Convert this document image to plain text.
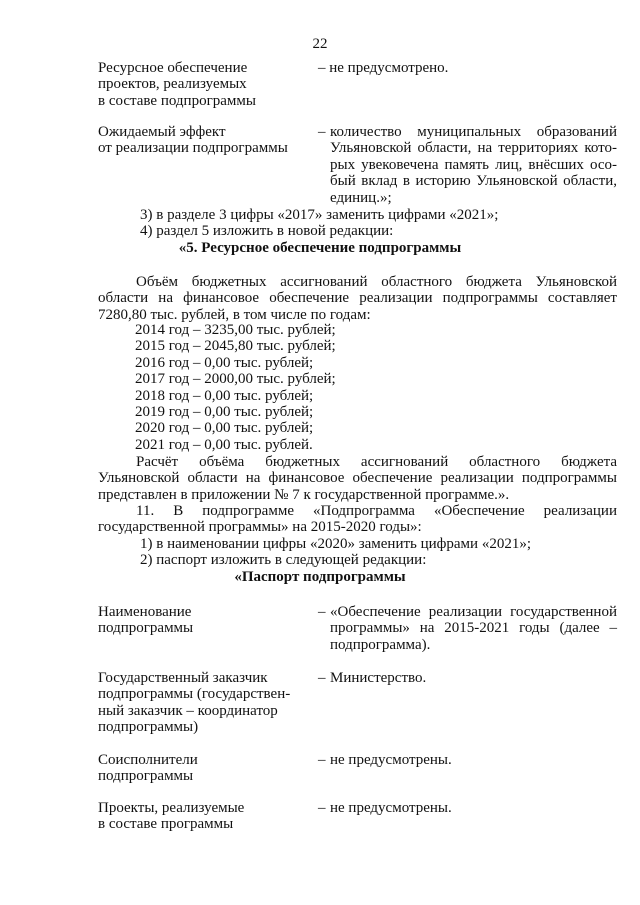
22
Ресурсное обеспечение
проектов, реализуемых
в составе подпрограммы
– не предусмотрено.
Ожидаемый эффект
от реализации подпрограммы
– количество муниципальных образований
Ульяновской области, на территориях кото-
рых увековечена память лиц, внёсших осо-
бый вклад в историю Ульяновской области,
единиц.»;
3) в разделе 3 цифры «2017» заменить цифрами «2021»;
4) раздел 5 изложить в новой редакции:
«5. Ресурсное обеспечение подпрограммы
Объём бюджетных ассигнований областного бюджета Ульяновской
области на финансовое обеспечение реализации подпрограммы составляет
7280,80 тыс. рублей, в том числе по годам:
2014 год – 3235,00 тыс. рублей;
2015 год – 2045,80 тыс. рублей;
2016 год – 0,00 тыс. рублей;
2017 год – 2000,00 тыс. рублей;
2018 год – 0,00 тыс. рублей;
2019 год – 0,00 тыс. рублей;
2020 год – 0,00 тыс. рублей;
2021 год – 0,00 тыс. рублей.
Расчёт объёма бюджетных ассигнований областного бюджета
Ульяновской области на финансовое обеспечение реализации подпрограммы
представлен в приложении № 7 к государственной программе.».
11. В подпрограмме «Подпрограмма «Обеспечение реализации
государственной программы» на 2015-2020 годы»:
1) в наименовании цифры «2020» заменить цифрами «2021»;
2) паспорт изложить в следующей редакции:
«Паспорт подпрограммы
Наименование
подпрограммы
– «Обеспечение реализации государственной
программы» на 2015-2021 годы (далее –
подпрограмма).
Государственный заказчик
подпрограммы (государствен-
ный заказчик – координатор
подпрограммы)
– Министерство.
Соисполнители
подпрограммы
– не предусмотрены.
Проекты, реализуемые
в составе программы
– не предусмотрены.
